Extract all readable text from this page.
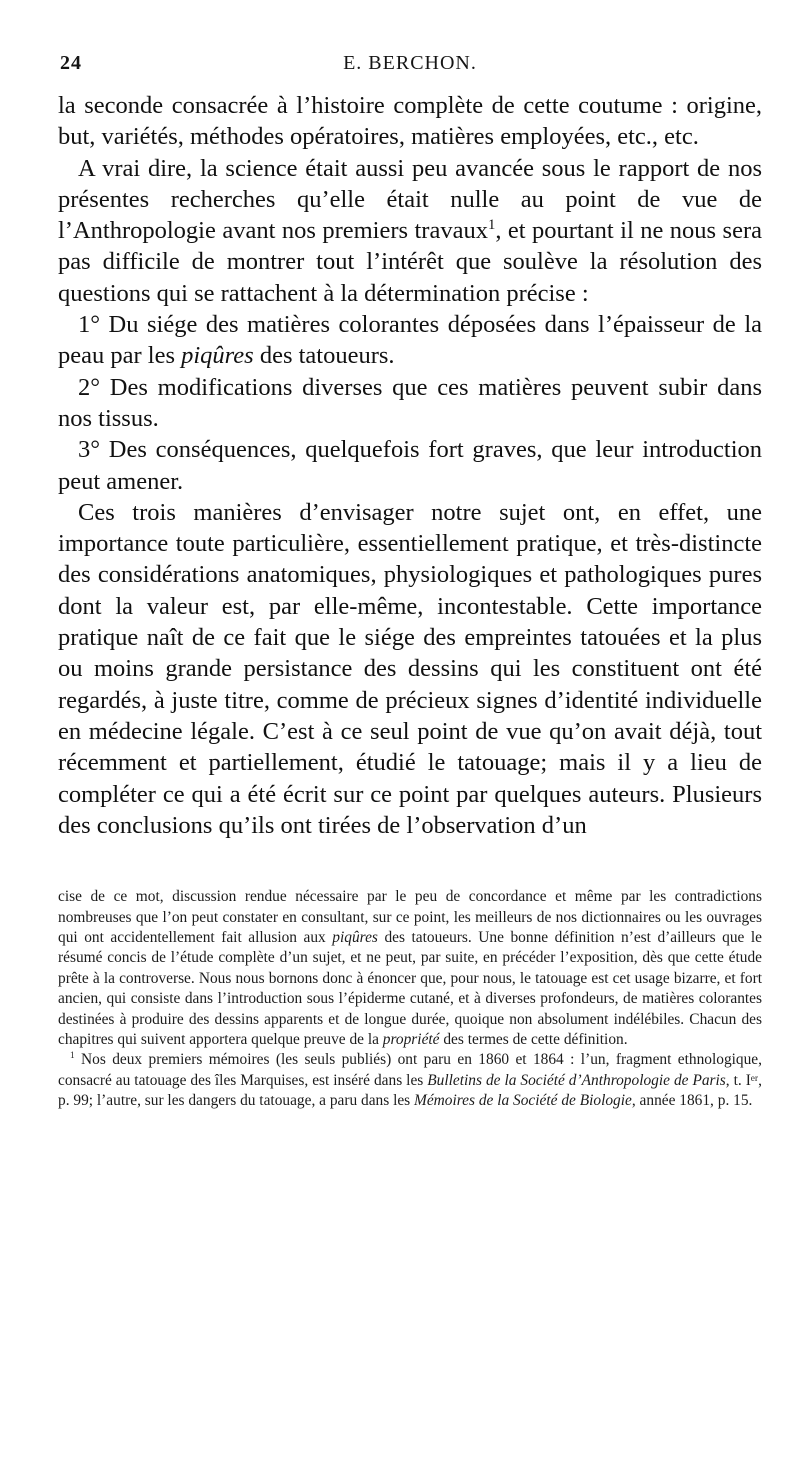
24	E. BERCHON.

la seconde consacrée à l’histoire complète de cette coutume : origine, but, variétés, méthodes opératoires, matières employées, etc., etc.

A vrai dire, la science était aussi peu avancée sous le rapport de nos présentes recherches qu’elle était nulle au point de vue de l’Anthropologie avant nos premiers travaux$^1$, et pourtant il ne nous sera pas difficile de montrer tout l’intérêt que soulève la résolution des questions qui se rattachent à la détermination précise :

1° Du siége des matières colorantes déposées dans l’épaisseur de la peau par les piqûres des tatoueurs.

2° Des modifications diverses que ces matières peuvent subir dans nos tissus.

3° Des conséquences, quelquefois fort graves, que leur introduction peut amener.

Ces trois manières d’envisager notre sujet ont, en effet, une importance toute particulière, essentiellement pratique, et très-distincte des considérations anatomiques, physiologiques et pathologiques pures dont la valeur est, par elle-même, incontestable. Cette importance pratique naît de ce fait que le siége des empreintes tatouées et la plus ou moins grande persistance des dessins qui les constituent ont été regardés, à juste titre, comme de précieux signes d’identité individuelle en médecine légale. C’est à ce seul point de vue qu’on avait déjà, tout récemment et partiellement, étudié le tatouage; mais il y a lieu de compléter ce qui a été écrit sur ce point par quelques auteurs. Plusieurs des conclusions qu’ils ont tirées de l’observation d’un

cise de ce mot, discussion rendue nécessaire par le peu de concordance et même par les contradictions nombreuses que l’on peut constater en consultant, sur ce point, les meilleurs de nos dictionnaires ou les ouvrages qui ont accidentellement fait allusion aux piqûres des tatoueurs. Une bonne définition n’est d’ailleurs que le résumé concis de l’étude complète d’un sujet, et ne peut, par suite, en précéder l’exposition, dès que cette étude prête à la controverse. Nous nous bornons donc à énoncer que, pour nous, le tatouage est cet usage bizarre, et fort ancien, qui consiste dans l’introduction sous l’épiderme cutané, et à diverses profondeurs, de matières colorantes destinées à produire des dessins apparents et de longue durée, quoique non absolument indélébiles. Chacun des chapitres qui suivent apportera quelque preuve de la propriété des termes de cette définition.

$^1$ Nos deux premiers mémoires (les seuls publiés) ont paru en 1860 et 1864 : l’un, fragment ethnologique, consacré au tatouage des îles Marquises, est inséré dans les Bulletins de la Société d’Anthropologie de Paris, t. Iᵉʳ, p. 99; l’autre, sur les dangers du tatouage, a paru dans les Mémoires de la Société de Biologie, année 1861, p. 15.
